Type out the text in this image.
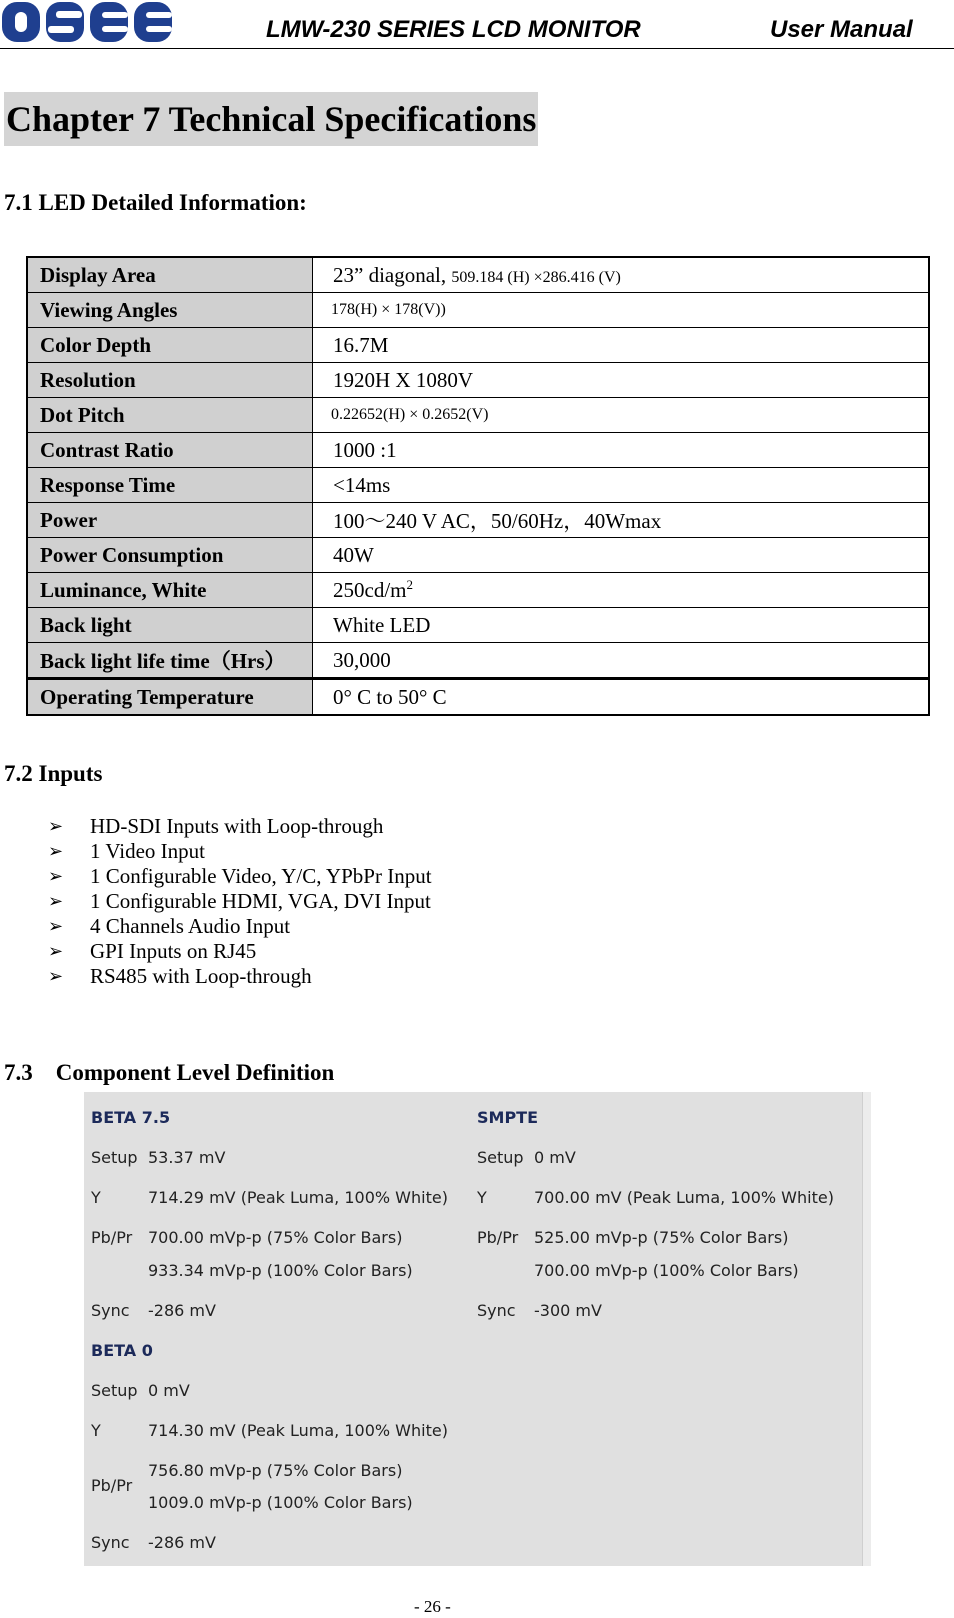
LMW-230 SERIES LCD MONITOR	User Manual
Chapter 7 Technical Specifications
7.1 LED Detailed Information:
Display Area	23” diagonal, 509.184 (H) ×286.416 (V)
Viewing Angles	178(H) × 178(V))
Color Depth	16.7M
Resolution	1920H X 1080V
Dot Pitch	0.22652(H) × 0.2652(V)
Contrast Ratio	1000 :1
Response Time	<14ms
Power	100～240 V AC，50/60Hz，40Wmax
Power Consumption	40W
Luminance, White	$250cd/m^2$
Back light	White LED
Back light life time（Hrs）	30,000
Operating Temperature	0° C to 50° C
7.2 Inputs
➢ HD-SDI Inputs with Loop-through
➢ 1 Video Input
➢ 1 Configurable Video, Y/C, YPbPr Input
➢ 1 Configurable HDMI, VGA, DVI Input
➢ 4 Channels Audio Input
➢ GPI Inputs on RJ45
➢ RS485 with Loop-through
7.3    Component Level Definition
BETA 7.5
Setup 53.37 mV
Y	714.29 mV (Peak Luma, 100% White)
Pb/Pr 700.00 mVp-p (75% Color Bars)
933.34 mVp-p (100% Color Bars)
Sync -286 mV
SMPTE
Setup 0 mV
Y	700.00 mV (Peak Luma, 100% White)
Pb/Pr 525.00 mVp-p (75% Color Bars)
700.00 mVp-p (100% Color Bars)
Sync -300 mV
BETA 0
Setup 0 mV
Y	714.30 mV (Peak Luma, 100% White)
Pb/Pr
756.80 mVp-p (75% Color Bars)
1009.0 mVp-p (100% Color Bars)
Sync -286 mV
- 26 -
